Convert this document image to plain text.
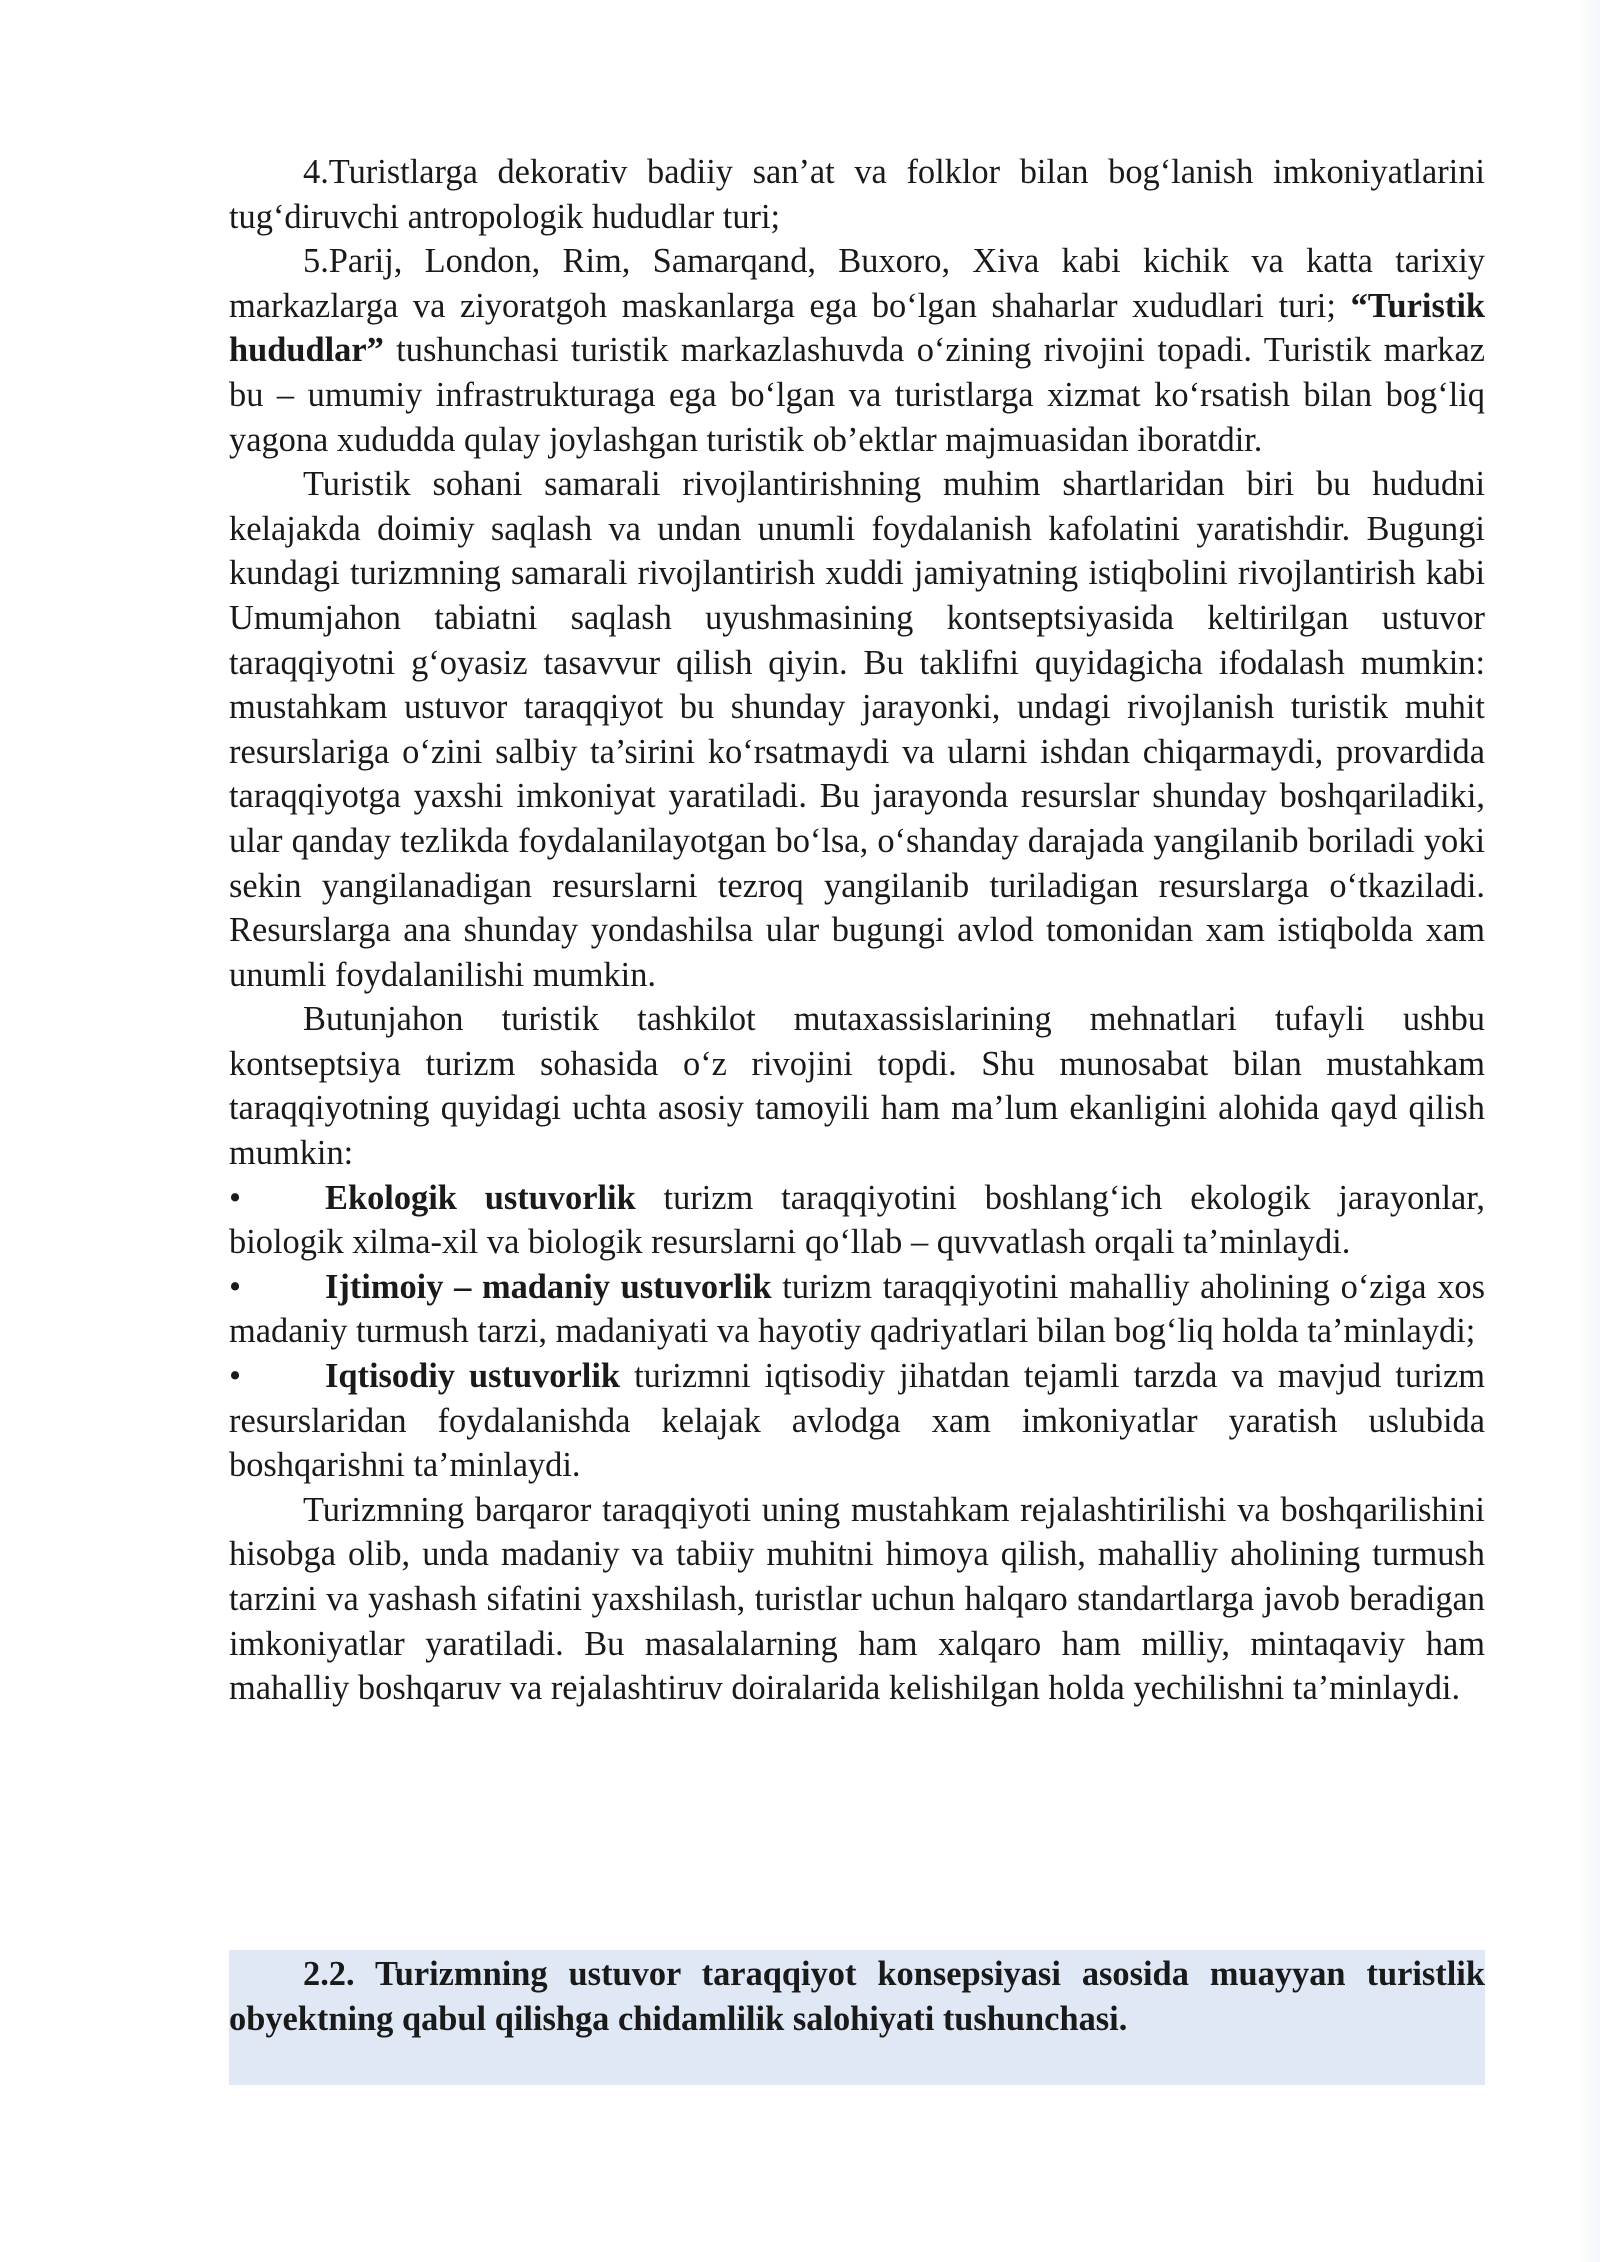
4.Turistlarga dekorativ badiiy san’at va folklor bilan bog‘lanish imkoniyatlarini tug‘diruvchi antropologik hududlar turi;

5.Parij, London, Rim, Samarqand, Buxoro, Xiva kabi kichik va katta tarixiy markazlarga va ziyoratgoh maskanlarga ega bo‘lgan shaharlar xududlari turi; “Turistik hududlar” tushunchasi turistik markazlashuvda o‘zining rivojini topadi. Turistik markaz bu – umumiy infrastrukturaga ega bo‘lgan va turistlarga xizmat ko‘rsatish bilan bog‘liq yagona xududda qulay joylashgan turistik ob’ektlar majmuasidan iboratdir.

Turistik sohani samarali rivojlantirishning muhim shartlaridan biri bu hududni kelajakda doimiy saqlash va undan unumli foydalanish kafolatini yaratishdir. Bugungi kundagi turizmning samarali rivojlantirish xuddi jamiyatning istiqbolini rivojlantirish kabi Umumjahon tabiatni saqlash uyushmasining kontseptsiyasida keltirilgan ustuvor taraqqiyotni g‘oyasiz tasavvur qilish qiyin. Bu taklifni quyidagicha ifodalash mumkin: mustahkam ustuvor taraqqiyot bu shunday jarayonki, undagi rivojlanish turistik muhit resurslariga o‘zini salbiy ta’sirini ko‘rsatmaydi va ularni ishdan chiqarmaydi, provardida taraqqiyotga yaxshi imkoniyat yaratiladi. Bu jarayonda resurslar shunday boshqariladiki, ular qanday tezlikda foydalanilayotgan bo‘lsa, o‘shanday darajada yangilanib boriladi yoki sekin yangilanadigan resurslarni tezroq yangilanib turiladigan resurslarga o‘tkaziladi. Resurslarga ana shunday yondashilsa ular bugungi avlod tomonidan xam istiqbolda xam unumli foydalanilishi mumkin.

Butunjahon turistik tashkilot mutaxassislarining mehnatlari tufayli ushbu kontseptsiya turizm sohasida o‘z rivojini topdi. Shu munosabat bilan mustahkam taraqqiyotning quyidagi uchta asosiy tamoyili ham ma’lum ekanligini alohida qayd qilish mumkin:

• Ekologik ustuvorlik turizm taraqqiyotini boshlang‘ich ekologik jarayonlar, biologik xilma-xil va biologik resurslarni qo‘llab – quvvatlash orqali ta’minlaydi.

• Ijtimoiy – madaniy ustuvorlik turizm taraqqiyotini mahalliy aholining o‘ziga xos madaniy turmush tarzi, madaniyati va hayotiy qadriyatlari bilan bog‘liq holda ta’minlaydi;

• Iqtisodiy ustuvorlik turizmni iqtisodiy jihatdan tejamli tarzda va mavjud turizm resurslaridan foydalanishda kelajak avlodga xam imkoniyatlar yaratish uslubida boshqarishni ta’minlaydi.

Turizmning barqaror taraqqiyoti uning mustahkam rejalashtirilishi va boshqarilishini hisobga olib, unda madaniy va tabiiy muhitni himoya qilish, mahalliy aholining turmush tarzini va yashash sifatini yaxshilash, turistlar uchun halqaro standartlarga javob beradigan imkoniyatlar yaratiladi. Bu masalalarning ham xalqaro ham milliy, mintaqaviy ham mahalliy boshqaruv va rejalashtiruv doiralarida kelishilgan holda yechilishni ta’minlaydi.

2.2. Turizmning ustuvor taraqqiyot konsepsiyasi asosida muayyan turistlik obyektning qabul qilishga chidamlilik salohiyati tushunchasi.
